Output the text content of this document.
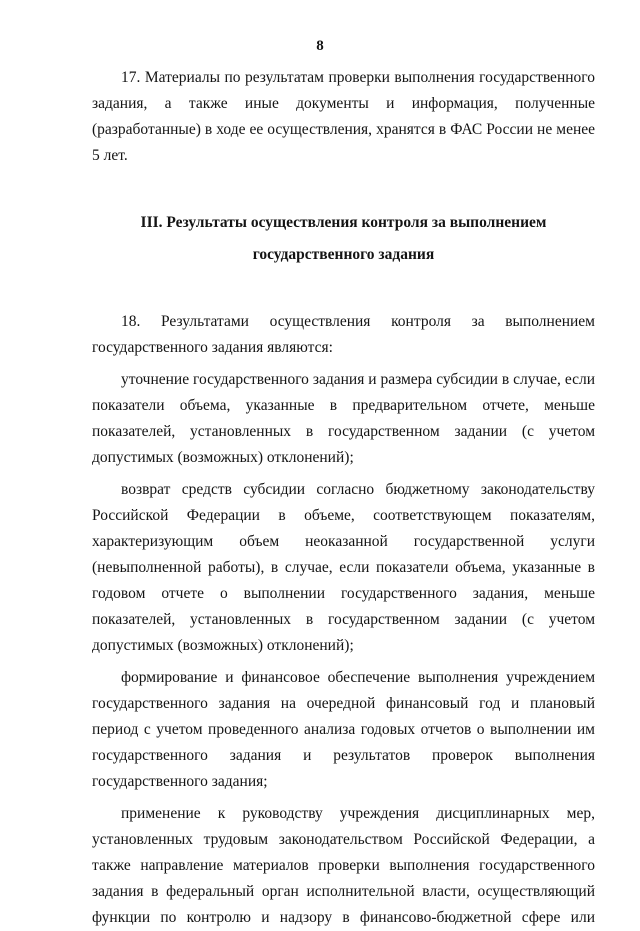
8

17. Материалы по результатам проверки выполнения государственного задания, а также иные документы и информация, полученные (разработанные) в ходе ее осуществления, хранятся в ФАС России не менее 5 лет.

III. Результаты осуществления контроля за выполнением
государственного задания

18. Результатами осуществления контроля за выполнением государственного задания являются:

уточнение государственного задания и размера субсидии в случае, если показатели объема, указанные в предварительном отчете, меньше показателей, установленных в государственном задании (с учетом допустимых (возможных) отклонений);

возврат средств субсидии согласно бюджетному законодательству Российской Федерации в объеме, соответствующем показателям, характеризующим объем неоказанной государственной услуги (невыполненной работы), в случае, если показатели объема, указанные в годовом отчете о выполнении государственного задания, меньше показателей, установленных в государственном задании (с учетом допустимых (возможных) отклонений);

формирование и финансовое обеспечение выполнения учреждением государственного задания на очередной финансовый год и плановый период с учетом проведенного анализа годовых отчетов о выполнении им государственного задания и результатов проверок выполнения государственного задания;

применение к руководству учреждения дисциплинарных мер, установленных трудовым законодательством Российской Федерации, а также направление материалов проверки выполнения государственного задания в федеральный орган исполнительной власти, осуществляющий функции по контролю и надзору в финансово-бюджетной сфере или
